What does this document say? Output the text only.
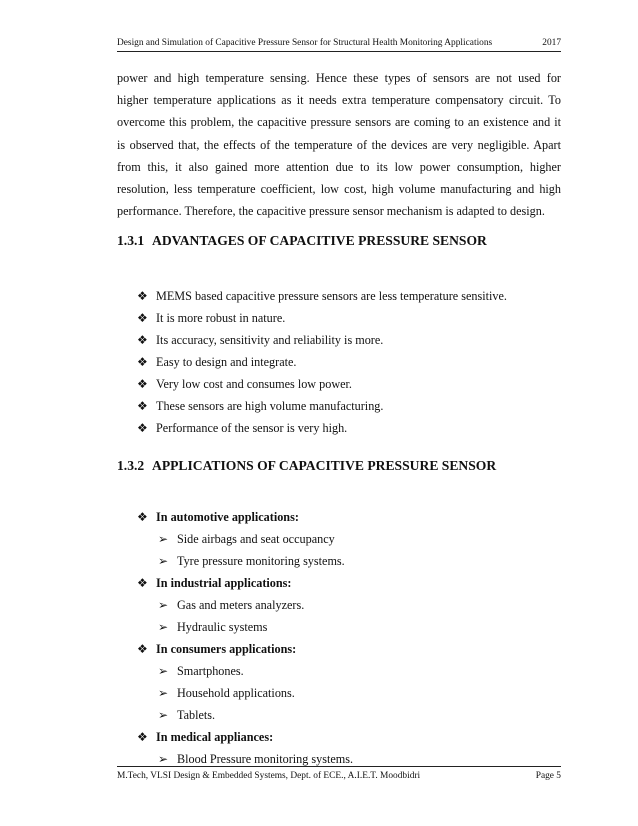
Design and Simulation of Capacitive Pressure Sensor for Structural Health Monitoring Applications	2017

power and high temperature sensing. Hence these types of sensors are not used for
higher temperature applications as it needs extra temperature compensatory circuit. To
overcome this problem, the capacitive pressure sensors are coming to an existence and it
is observed that, the effects of the temperature of the devices are very negligible. Apart
from this, it also gained more attention due to its low power consumption, higher
resolution, less temperature coefficient, low cost, high volume manufacturing and high
performance. Therefore, the capacitive pressure sensor mechanism is adapted to design.

1.3.1 ADVANTAGES OF CAPACITIVE PRESSURE SENSOR
❖ MEMS based capacitive pressure sensors are less temperature sensitive.
❖ It is more robust in nature.
❖ Its accuracy, sensitivity and reliability is more.
❖ Easy to design and integrate.
❖ Very low cost and consumes low power.
❖ These sensors are high volume manufacturing.
❖ Performance of the sensor is very high.
1.3.2 APPLICATIONS OF CAPACITIVE PRESSURE SENSOR
❖ In automotive applications:
➢ Side airbags and seat occupancy
➢ Tyre pressure monitoring systems.
❖ In industrial applications:
➢ Gas and meters analyzers.
➢ Hydraulic systems
❖ In consumers applications:
➢ Smartphones.
➢ Household applications.
➢ Tablets.
❖ In medical appliances:
➢ Blood Pressure monitoring systems.
M.Tech, VLSI Design & Embedded Systems, Dept. of ECE., A.I.E.T. Moodbidri	Page 5
